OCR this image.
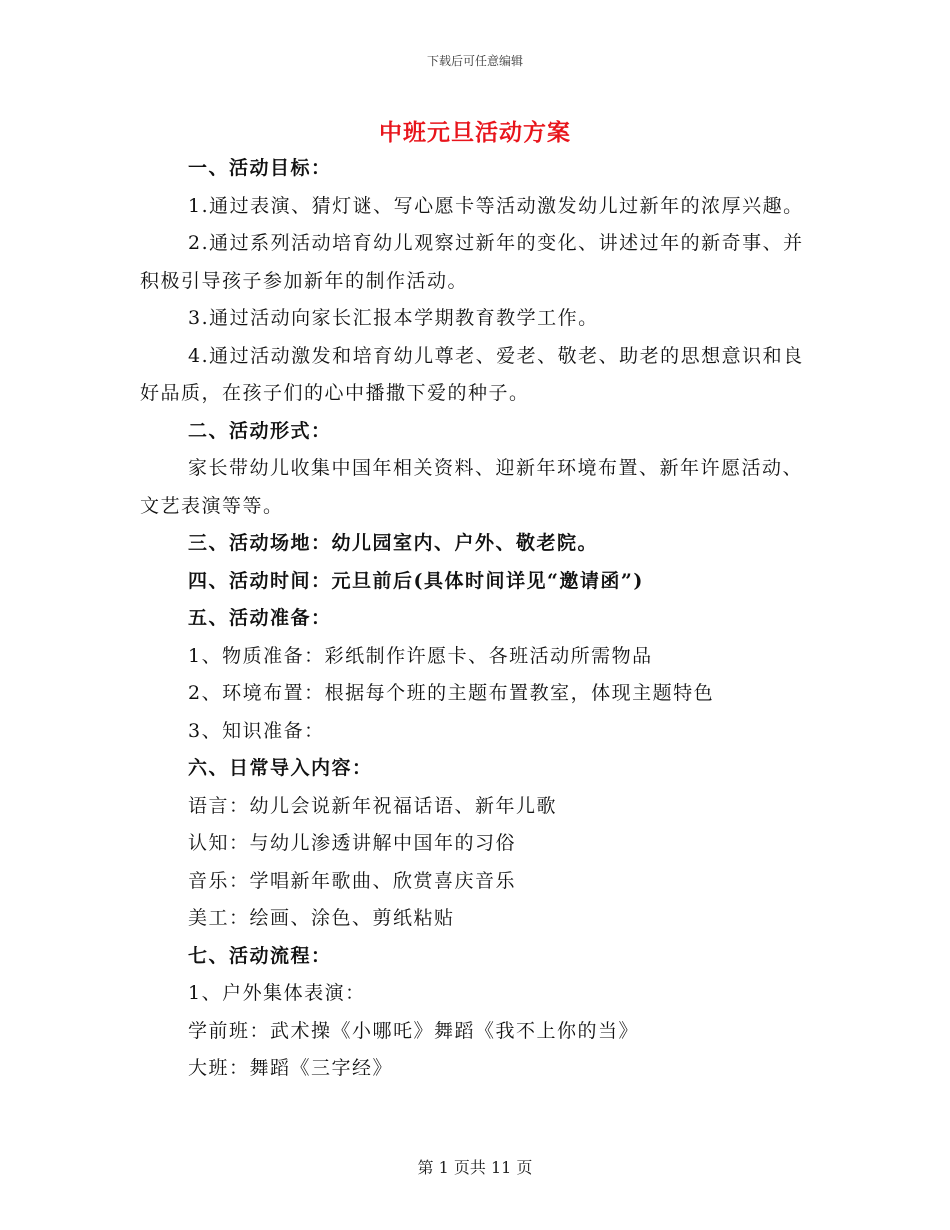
下载后可任意编辑
中班元旦活动方案

一、活动目标：

1.通过表演、猜灯谜、写心愿卡等活动激发幼儿过新年的浓厚兴趣。

2.通过系列活动培育幼儿观察过新年的变化、讲述过年的新奇事、并积极引导孩子参加新年的制作活动。

3.通过活动向家长汇报本学期教育教学工作。

4.通过活动激发和培育幼儿尊老、爱老、敬老、助老的思想意识和良好品质，在孩子们的心中播撒下爱的种子。

二、活动形式：

家长带幼儿收集中国年相关资料、迎新年环境布置、新年许愿活动、文艺表演等等。

三、活动场地：幼儿园室内、户外、敬老院。

四、活动时间：元旦前后(具体时间详见“邀请函”)

五、活动准备：

1、物质准备：彩纸制作许愿卡、各班活动所需物品

2、环境布置：根据每个班的主题布置教室，体现主题特色

3、知识准备：

六、日常导入内容：

语言：幼儿会说新年祝福话语、新年儿歌

认知：与幼儿渗透讲解中国年的习俗

音乐：学唱新年歌曲、欣赏喜庆音乐

美工：绘画、涂色、剪纸粘贴

七、活动流程：

1、户外集体表演：

学前班：武术操《小哪吒》舞蹈《我不上你的当》

大班：舞蹈《三字经》

第 1 页共 11 页
